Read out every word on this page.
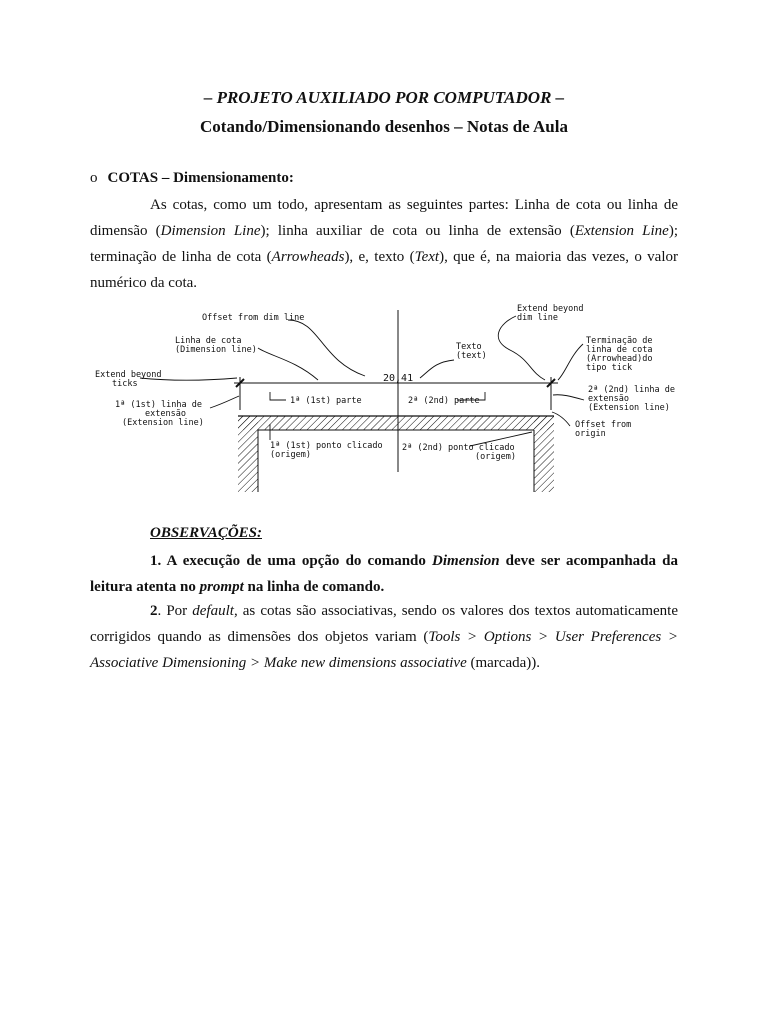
– PROJETO AUXILIADO POR COMPUTADOR –
Cotando/Dimensionando desenhos – Notas de Aula
o COTAS – Dimensionamento:
As cotas, como um todo, apresentam as seguintes partes: Linha de cota ou linha de dimensão (Dimension Line); linha auxiliar de cota ou linha de extensão (Extension Line); terminação de linha de cota (Arrowheads), e, texto (Text), que é, na maioria das vezes, o valor numérico da cota.
Offset from dim line
Extend beyond
dim line
Linha de cota
(Dimension line)	Texto
(text)
Terminação de
linha de cota
(Arrowhead)do
tipo tick
Extend beyond
ticks	20,41
1ª (1st) linha de
extensão
(Extension line)
1ª (1st) parte	2ª (2nd) parte
2ª (2nd) linha de
extensão
(Extension line)
Offset from
origin
1ª (1st) ponto clicado
(origem)
2ª (2nd) ponto clicado
(origem)
OBSERVAÇÕES:
1. A execução de uma opção do comando Dimension deve ser acompanhada da leitura atenta no prompt na linha de comando.
2. Por default, as cotas são associativas, sendo os valores dos textos automaticamente corrigidos quando as dimensões dos objetos variam (Tools > Options > User Preferences > Associative Dimensioning > Make new dimensions associative (marcada)).
